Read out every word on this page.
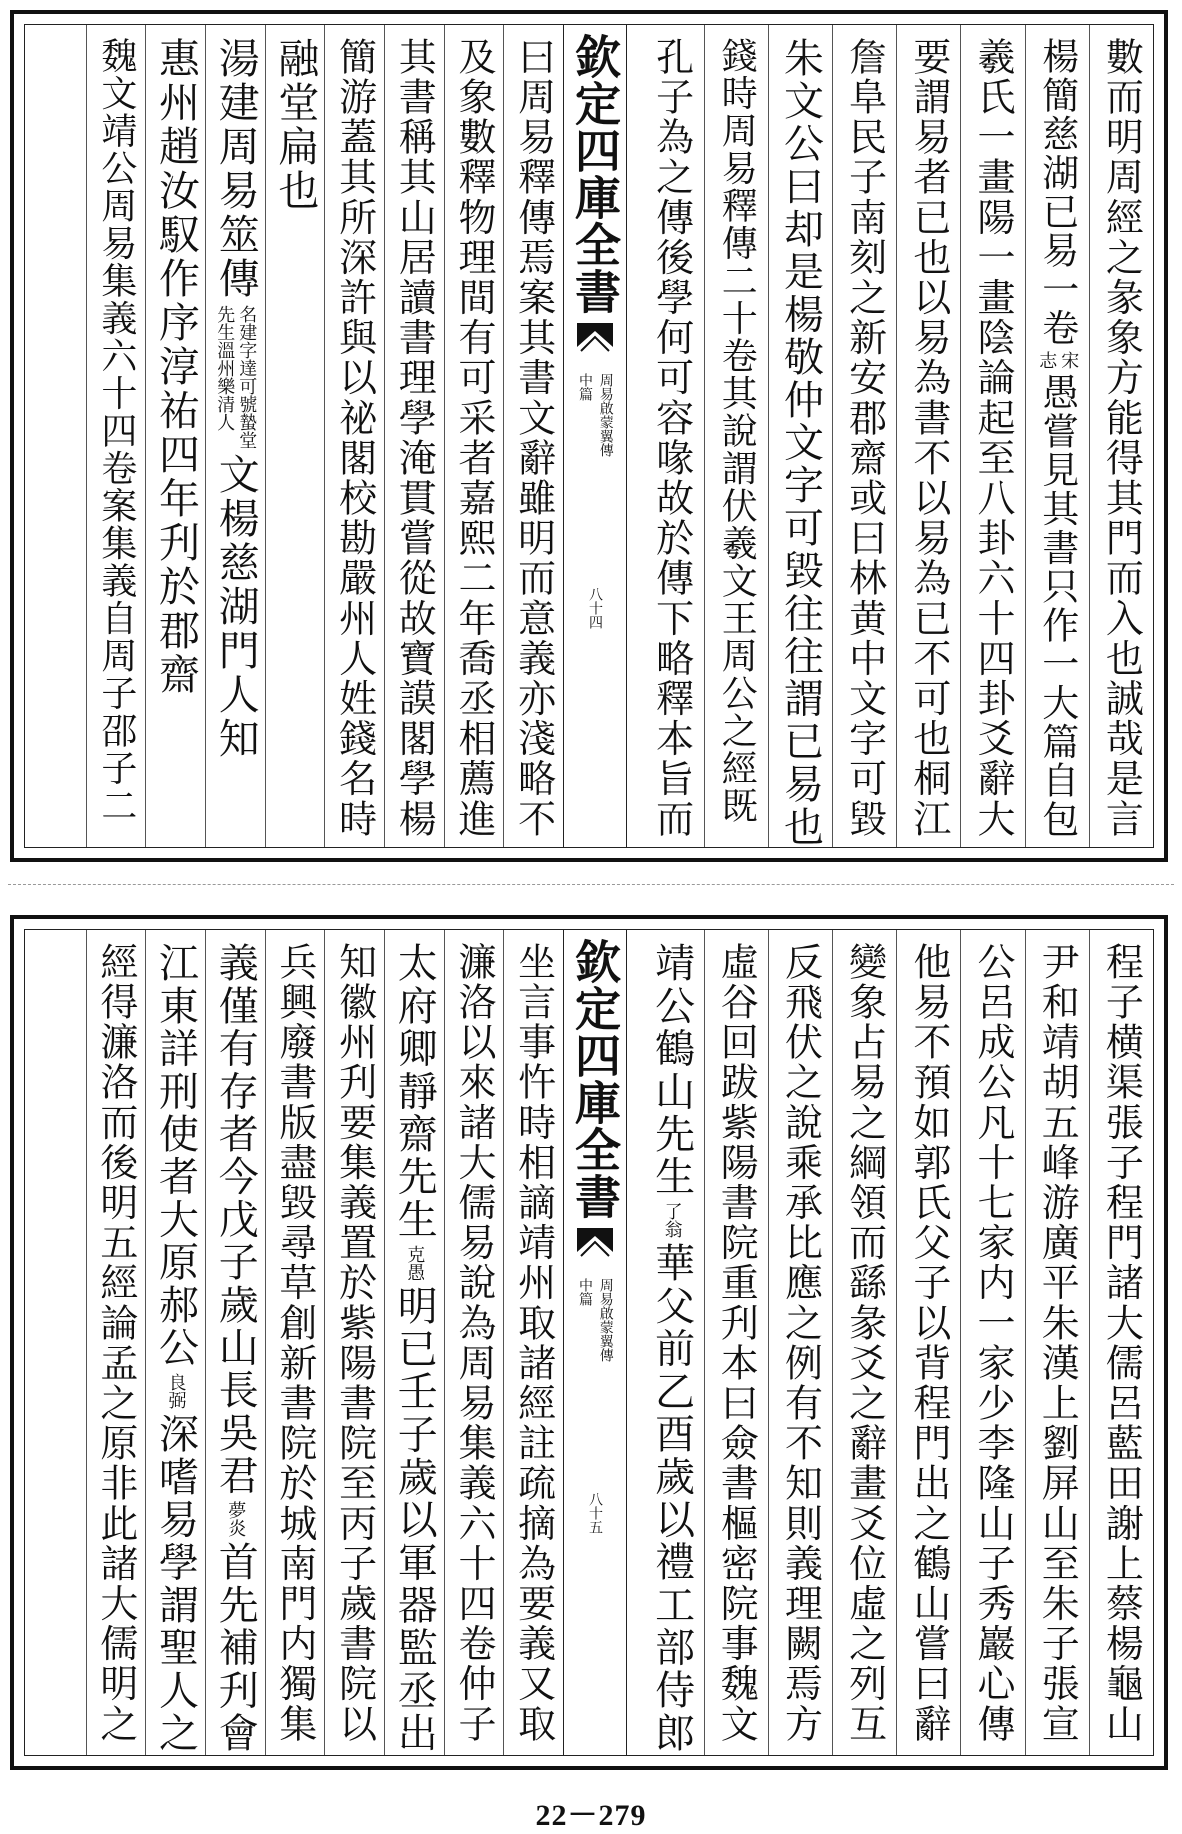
數而明周經之彖象方能得其門而入也誠哉是言
楊簡慈湖已易一卷
宋
志
愚嘗見其書只作一大篇自包
羲氏一畫陽一畫陰論起至八卦六十四卦爻辭大
要謂易者已也以易為書不以易為已不可也桐江
詹阜民子南刻之新安郡齋或曰林黄中文字可毀
朱文公曰却是楊敬仲文字可毀往往謂已易也
錢時周易釋傳二十卷其說謂伏羲文王周公之經既
孔子為之傳後學何可容喙故於傳下略釋本旨而
欽定四庫全書
周易啟蒙翼傳
中篇
八十四
曰周易釋傳焉案其書文辭雖明而意義亦淺略不
及象數釋物理間有可采者嘉熙二年喬丞相薦進
其書稱其山居讀書理學淹貫嘗從故寶謨閣學楊
簡游蓋其所深許與以祕閣校勘嚴州人姓錢名時
融堂扁也
湯建周易筮傳
名建字達可號蟄堂
先生溫州樂清人
文楊慈湖門人知
惠州趙汝馭作序淳祐四年刋於郡齋
魏文靖公周易集義六十四卷案集義自周子邵子二
程子横渠張子程門諸大儒呂藍田謝上蔡楊龜山
尹和靖胡五峰游廣平朱漢上劉屏山至朱子張宣
公呂成公凡十七家内一家少李隆山子秀巖心傳
他易不預如郭氏父子以背程門出之鶴山嘗曰辭
變象占易之綱領而繇彖爻之辭畫爻位虛之列互
反飛伏之說乘承比應之例有不知則義理闕焉方
虛谷回跋紫陽書院重刋本曰僉書樞密院事魏文
靖公鶴山先生
了翁
華父前乙酉歲以禮工部侍郎
欽定四庫全書
周易啟蒙翼傳
中篇
八十五
坐言事忤時相謫靖州取諸經註疏摘為要義又取
濂洛以來諸大儒易說為周易集義六十四卷仲子
太府卿靜齋先生
克愚
明已壬子歲以軍器監丞出
知徽州刋要集義置於紫陽書院至丙子歲書院以
兵興廢書版盡毀尋草創新書院於城南門内獨集
義僅有存者今戊子歲山長吳君
夢炎
首先補刋會
江東詳刑使者大原郝公
良弼
深嗜易學謂聖人之
經得濂洛而後明五經論孟之原非此諸大儒明之
22－279
